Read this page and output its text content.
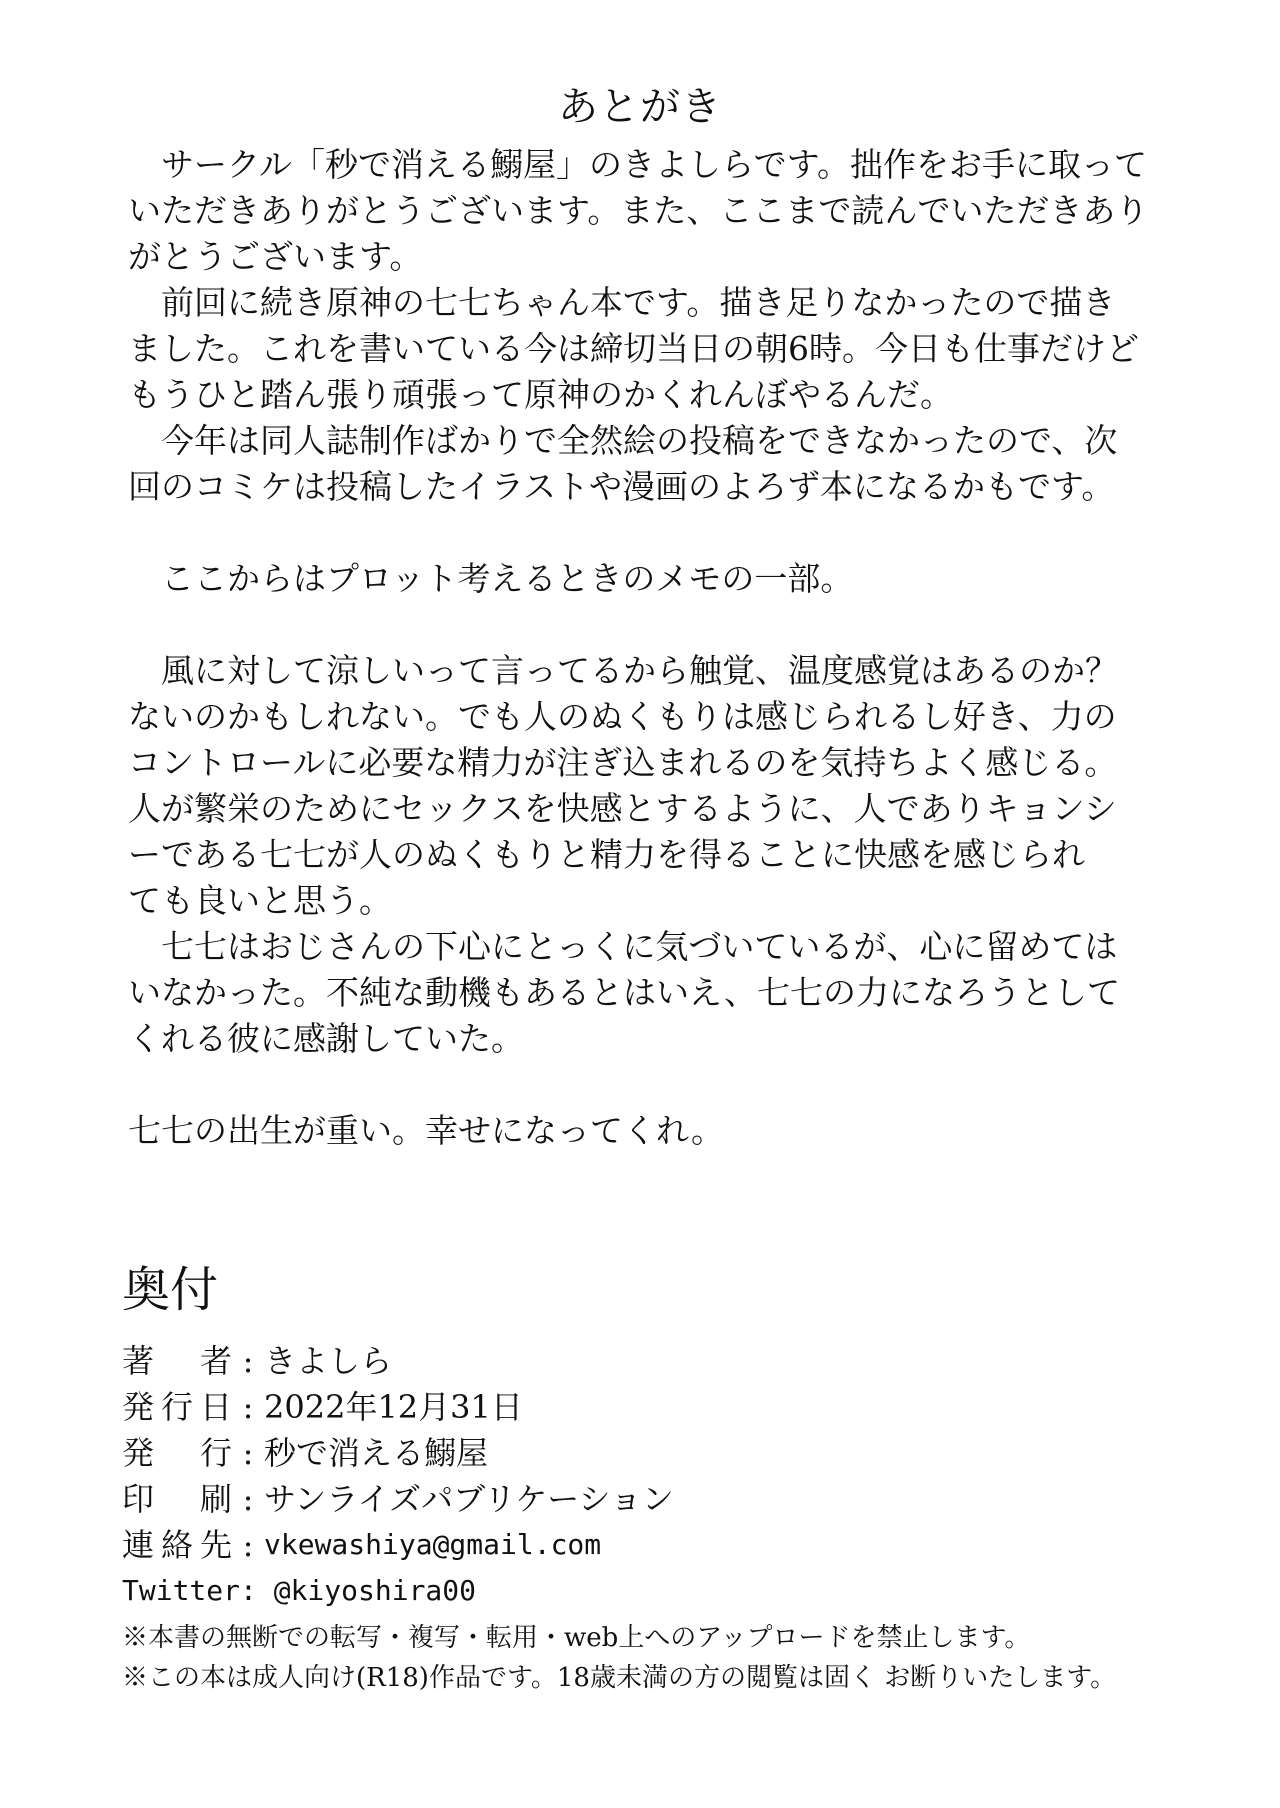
あとがき
サークル「秒で消える鰯屋」のきよしらです。拙作をお手に取って
いただきありがとうございます。また、ここまで読んでいただきあり
がとうございます。
前回に続き原神の七七ちゃん本です。描き足りなかったので描き
ました。これを書いている今は締切当日の朝6時。今日も仕事だけど
もうひと踏ん張り頑張って原神のかくれんぼやるんだ。
今年は同人誌制作ばかりで全然絵の投稿をできなかったので、次
回のコミケは投稿したイラストや漫画のよろず本になるかもです。
ここからはプロット考えるときのメモの一部。
風に対して涼しいって言ってるから触覚、温度感覚はあるのか？
ないのかもしれない。でも人のぬくもりは感じられるし好き、力の
コントロールに必要な精力が注ぎ込まれるのを気持ちよく感じる。
人が繁栄のためにセックスを快感とするように、人でありキョンシ
ーである七七が人のぬくもりと精力を得ることに快感を感じられ
ても良いと思う。
七七はおじさんの下心にとっくに気づいているが、心に留めては
いなかった。不純な動機もあるとはいえ、七七の力になろうとして
くれる彼に感謝していた。
七七の出生が重い。幸せになってくれ。
奥付
著者 : きよしら
発行日 : 2022年12月31日
発行 : 秒で消える鰯屋
印刷 : サンライズパブリケーション
連絡先 : vkewashiya@gmail.com
Twitter: @kiyoshira00
※本書の無断での転写・複写・転用・web上へのアップロードを禁止します。
※この本は成人向け(R18)作品です。18歳未満の方の閲覧は固く お断りいたします。
